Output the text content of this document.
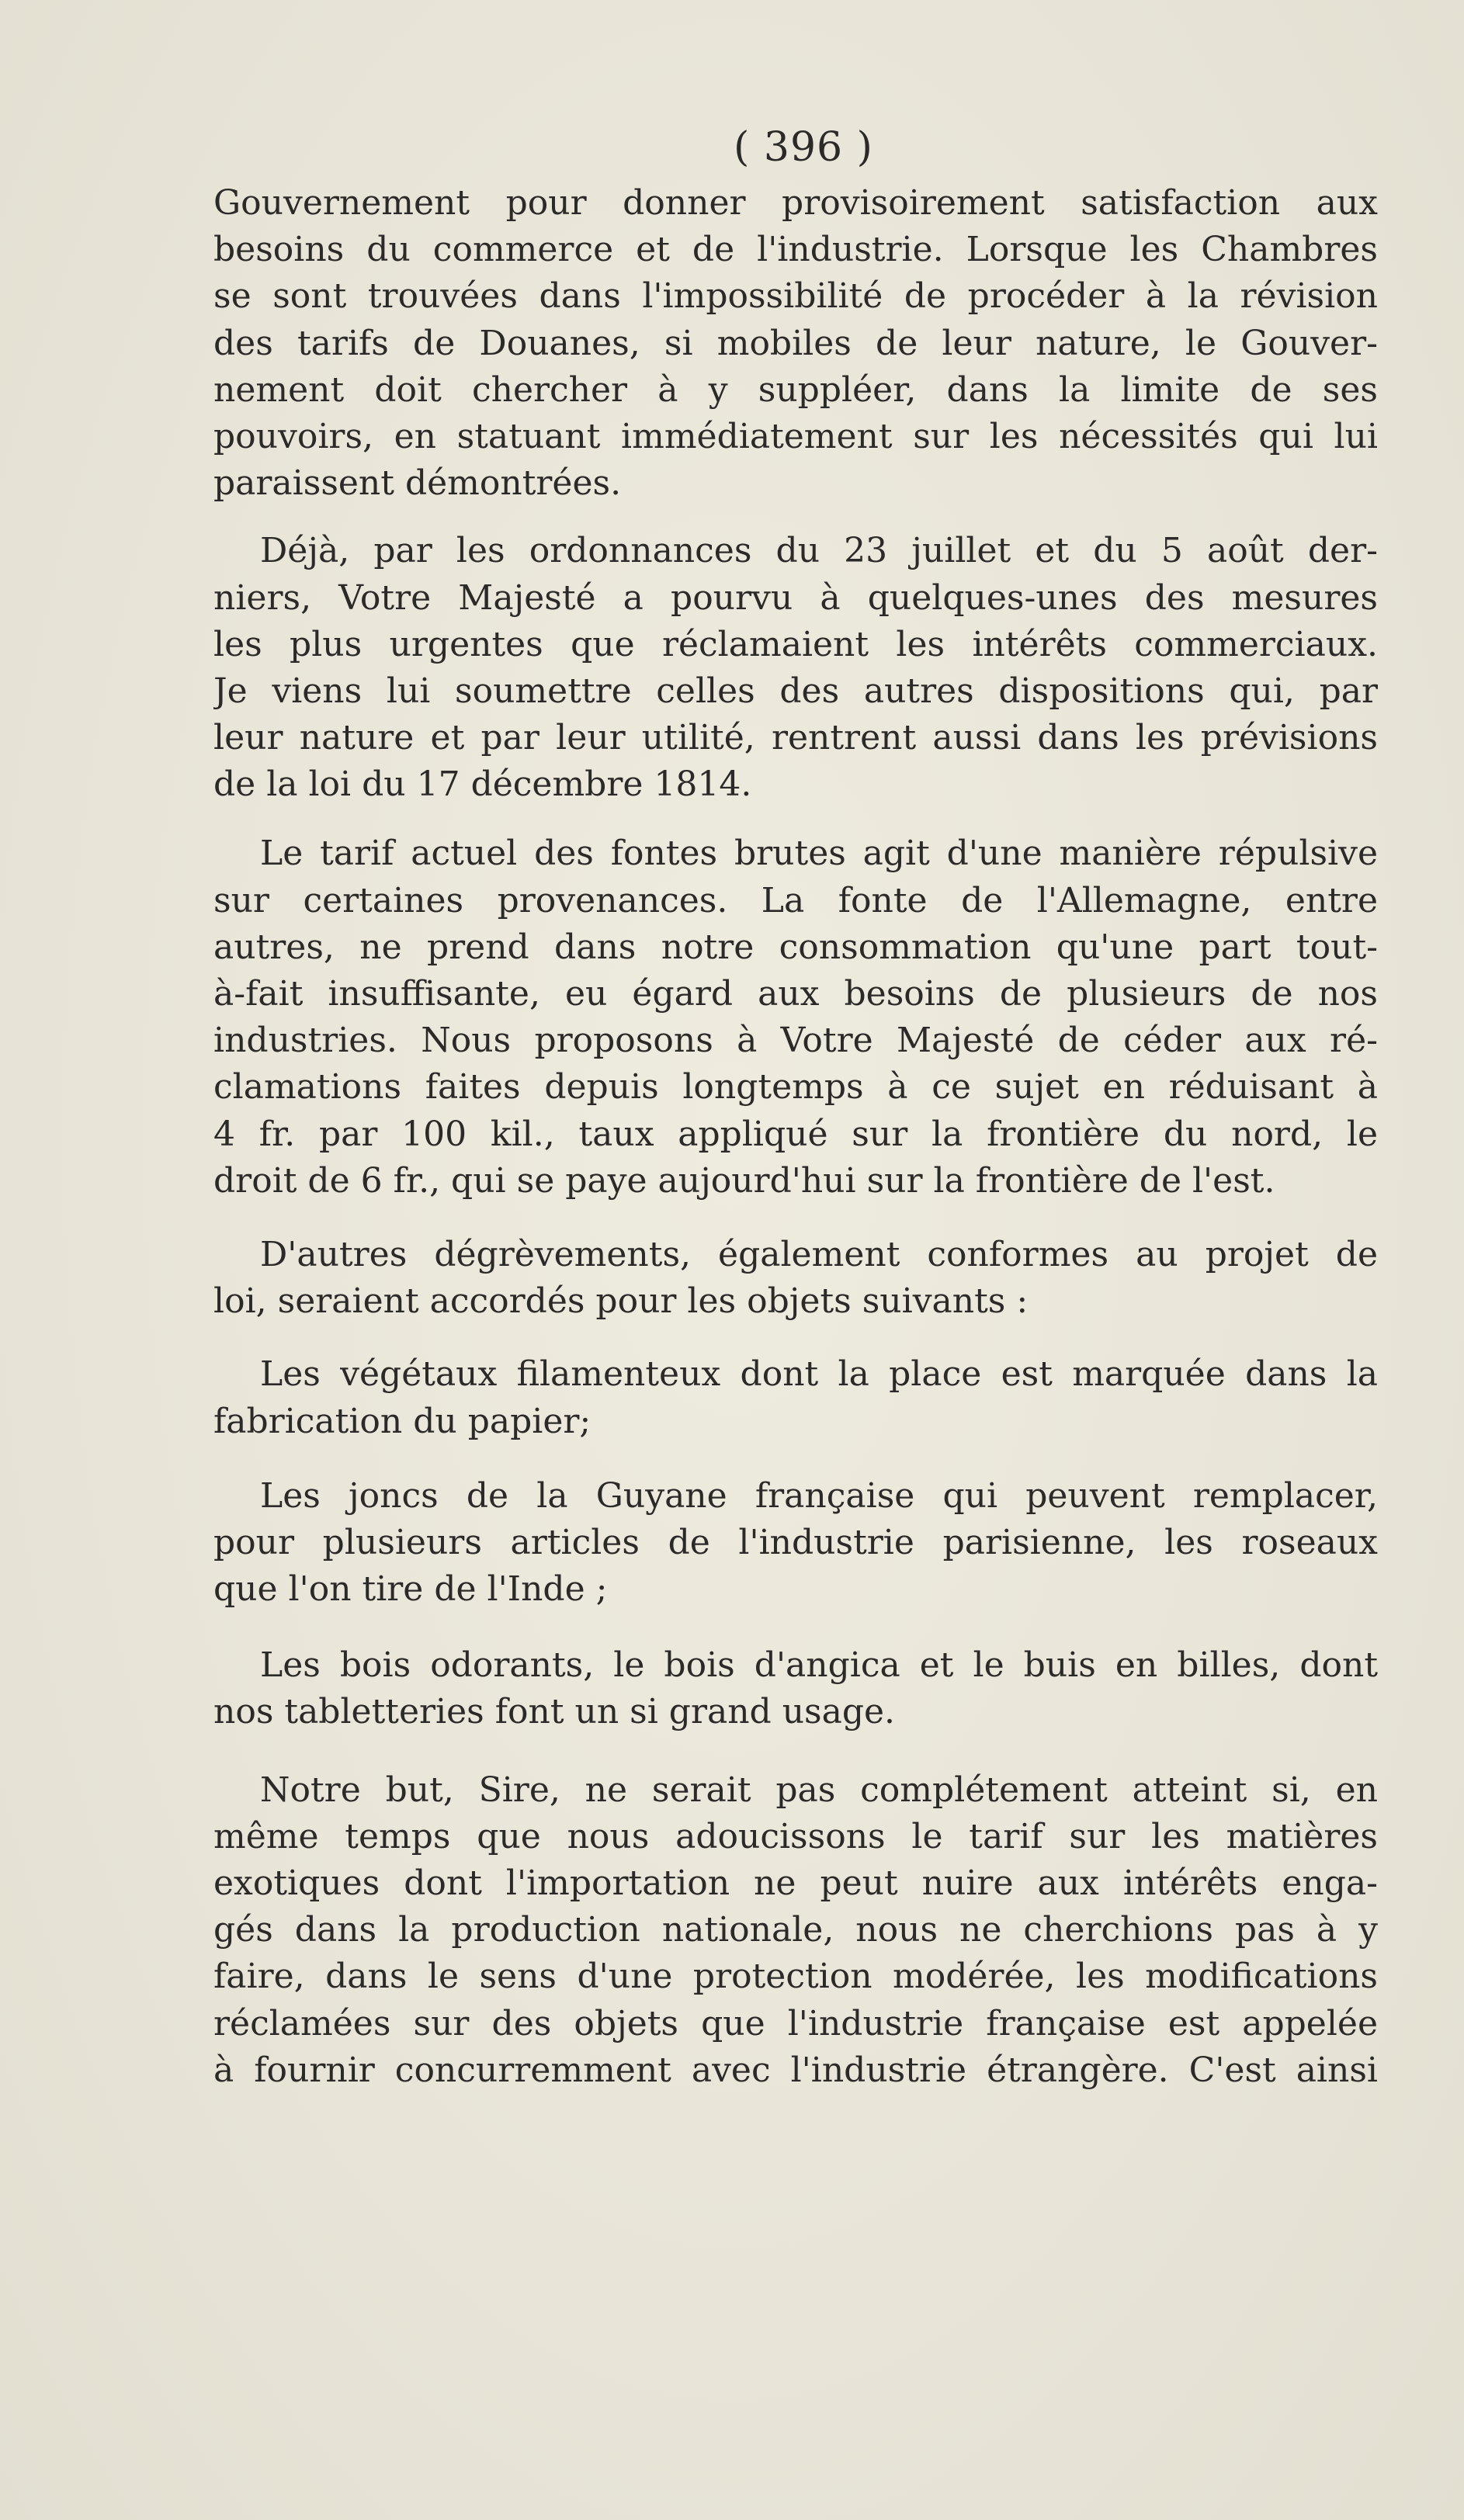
( 396 )
Gouvernement pour donner provisoirement satisfaction aux
besoins du commerce et de l'industrie. Lorsque les Chambres
se sont trouvées dans l'impossibilité de procéder à la révision
des tarifs de Douanes, si mobiles de leur nature, le Gouver-
nement doit chercher à y suppléer, dans la limite de ses
pouvoirs, en statuant immédiatement sur les nécessités qui lui
paraissent démontrées.
Déjà, par les ordonnances du 23 juillet et du 5 août der-
niers, Votre Majesté a pourvu à quelques-unes des mesures
les plus urgentes que réclamaient les intérêts commerciaux.
Je viens lui soumettre celles des autres dispositions qui, par
leur nature et par leur utilité, rentrent aussi dans les prévisions
de la loi du 17 décembre 1814.
Le tarif actuel des fontes brutes agit d'une manière répulsive
sur certaines provenances. La fonte de l'Allemagne, entre
autres, ne prend dans notre consommation qu'une part tout-
à-fait insuffisante, eu égard aux besoins de plusieurs de nos
industries. Nous proposons à Votre Majesté de céder aux ré-
clamations faites depuis longtemps à ce sujet en réduisant à
4 fr. par 100 kil., taux appliqué sur la frontière du nord, le
droit de 6 fr., qui se paye aujourd'hui sur la frontière de l'est.
D'autres dégrèvements, également conformes au projet de
loi, seraient accordés pour les objets suivants :
Les végétaux filamenteux dont la place est marquée dans la
fabrication du papier;
Les joncs de la Guyane française qui peuvent remplacer,
pour plusieurs articles de l'industrie parisienne, les roseaux
que l'on tire de l'Inde ;
Les bois odorants, le bois d'angica et le buis en billes, dont
nos tabletteries font un si grand usage.
Notre but, Sire, ne serait pas complétement atteint si, en
même temps que nous adoucissons le tarif sur les matières
exotiques dont l'importation ne peut nuire aux intérêts enga-
gés dans la production nationale, nous ne cherchions pas à y
faire, dans le sens d'une protection modérée, les modifications
réclamées sur des objets que l'industrie française est appelée
à fournir concurremment avec l'industrie étrangère. C'est ainsi
